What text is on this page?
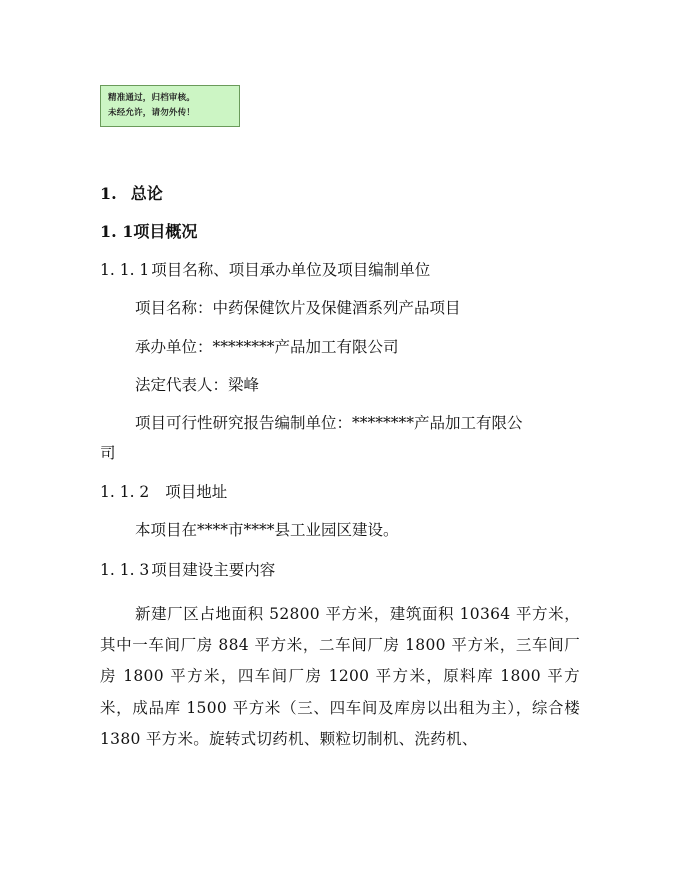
精准通过，归档审核。
未经允许，请勿外传！
1. 总论
1. 1项目概况
1. 1. 1 项目名称、项目承办单位及项目编制单位
项目名称：中药保健饮片及保健酒系列产品项目
承办单位：********产品加工有限公司
法定代表人：梁峰
项目可行性研究报告编制单位：********产品加工有限公
司
1. 1. 2 项目地址
本项目在****市****县工业园区建设。
1. 1. 3 项目建设主要内容
新建厂区占地面积 52800 平方米，建筑面积 10364 平方米，其中一车间厂房 884 平方米，二车间厂房 1800 平方米，三车间厂房 1800 平方米，四车间厂房 1200 平方米，原料库 1800 平方米，成品库 1500 平方米（三、四车间及库房以出租为主），综合楼 1380 平方米。旋转式切药机、颗粒切制机、洗药机、
